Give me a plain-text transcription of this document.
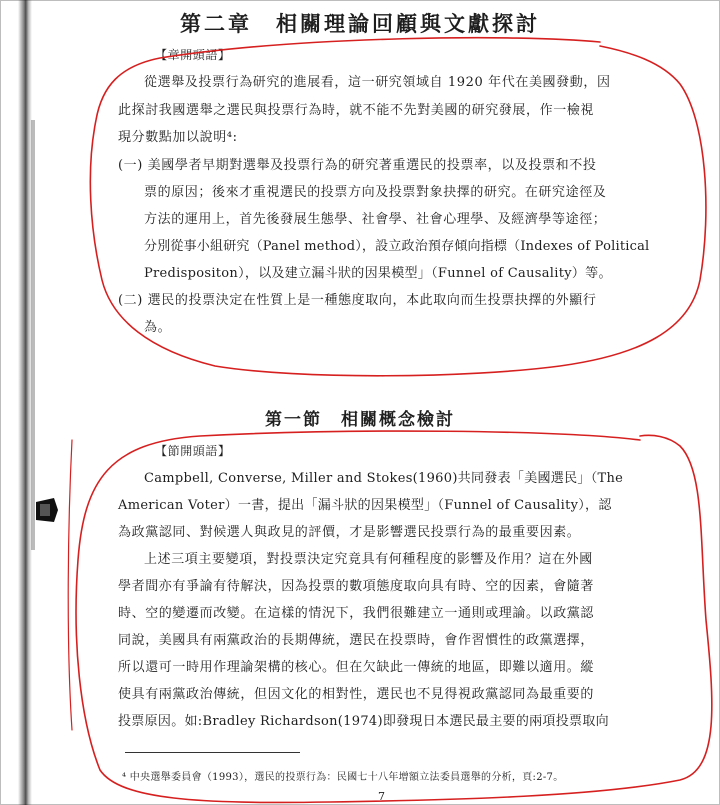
第二章　相關理論回顧與文獻探討
【章開頭語】
從選舉及投票行為研究的進展看，這一研究領域自 1920 年代在美國發動，因
此探討我國選舉之選民與投票行為時，就不能不先對美國的研究發展，作一檢視
現分數點加以說明⁴:
(一) 美國學者早期對選舉及投票行為的研究著重選民的投票率，以及投票和不投
票的原因；後來才重視選民的投票方向及投票對象抉擇的研究。在研究途徑及
方法的運用上，首先後發展生態學、社會學、社會心理學、及經濟學等途徑；
分別從事小組研究（Panel method），設立政治預存傾向指標（Indexes of Political
Predispositon），以及建立漏斗狀的因果模型」（Funnel of Causality）等。
(二) 選民的投票決定在性質上是一種態度取向，本此取向而生投票抉擇的外顯行
為。
第一節　相關概念檢討
【節開頭語】
Campbell, Converse, Miller and Stokes(1960)共同發表「美國選民」（The
American Voter）一書，提出「漏斗狀的因果模型」（Funnel of Causality），認
為政黨認同、對候選人與政見的評價，才是影響選民投票行為的最重要因素。
上述三項主要變項，對投票決定究竟具有何種程度的影響及作用？這在外國
學者間亦有爭論有待解決，因為投票的數項態度取向具有時、空的因素，會隨著
時、空的變遷而改變。在這樣的情況下，我們很難建立一通則或理論。以政黨認
同說，美國具有兩黨政治的長期傳統，選民在投票時，會作習慣性的政黨選擇，
所以還可一時用作理論架構的核心。但在欠缺此一傳統的地區，即難以適用。縱
使具有兩黨政治傳統，但因文化的相對性，選民也不見得視政黨認同為最重要的
投票原因。如:Bradley Richardson(1974)即發現日本選民最主要的兩項投票取向
⁴ 中央選舉委員會（1993），選民的投票行為：民國七十八年增額立法委員選舉的分析，頁:2-7。
7
